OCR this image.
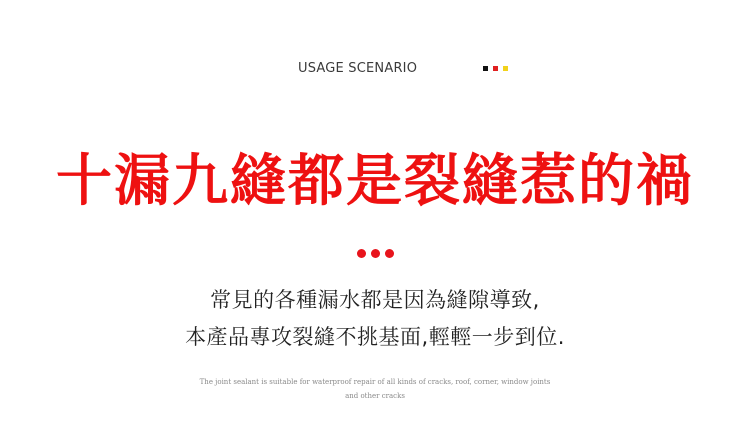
USAGE SCENARIO
十漏九縫都是裂縫惹的禍
常見的各種漏水都是因為縫隙導致,
本產品專攻裂縫不挑基面,輕輕一步到位.
The joint sealant is suitable for waterproof repair of all kinds of cracks, roof, corner, window joints
and other cracks
